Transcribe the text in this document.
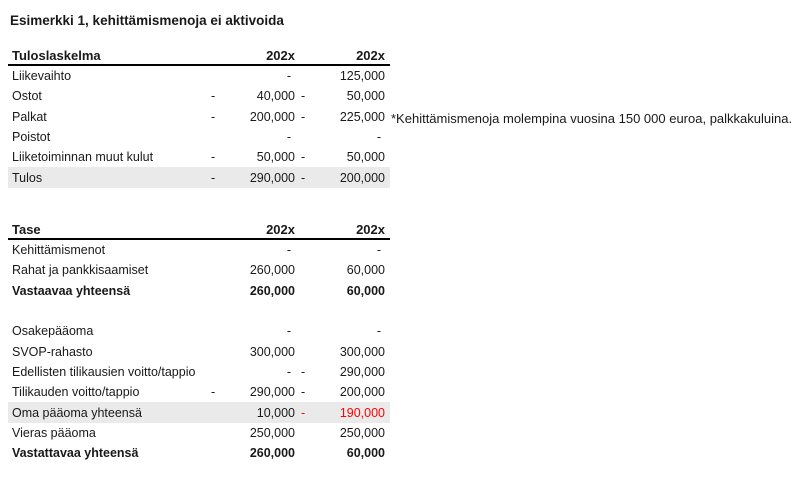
Esimerkki 1, kehittämismenoja ei aktivoida
Tuloslaskelma	202x	202x
Liikevaihto	-	125,000
Ostot	-	40,000 -	50,000
Palkat	-	200,000 -	225,000
Poistot	-	-
Liiketoiminnan muut kulut	-	50,000 -	50,000
Tulos	-	290,000 -	200,000
*Kehittämismenoja molempina vuosina 150 000 euroa, palkkakuluina.
Tase	202x	202x
Kehittämismenot	-	-
Rahat ja pankkisaamiset	260,000	60,000
Vastaavaa yhteensä	260,000	60,000
Osakepääoma	-	-
SVOP-rahasto	300,000	300,000
Edellisten tilikausien voitto/tappio	- -	290,000
Tilikauden voitto/tappio	-	290,000 -	200,000
Oma pääoma yhteensä	10,000 -	190,000
Vieras pääoma	250,000	250,000
Vastattavaa yhteensä	260,000	60,000
